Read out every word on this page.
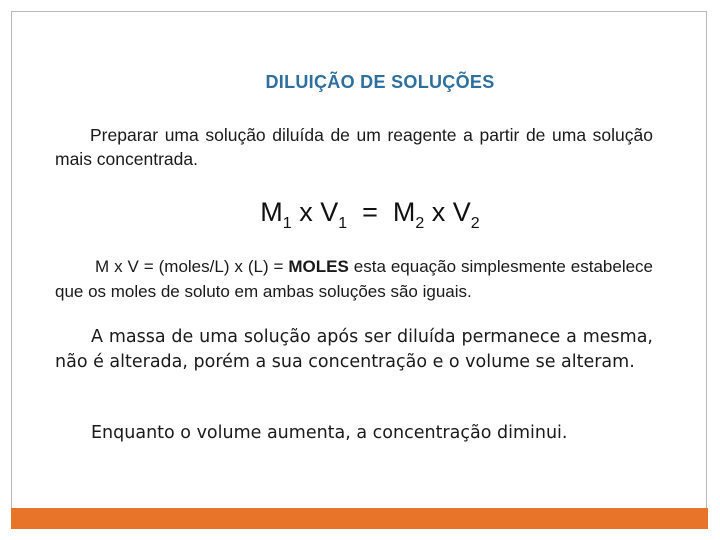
DILUIÇÃO DE SOLUÇÕES

Preparar uma solução diluída de um reagente a partir de uma solução mais concentrada.

$M_1$ x $V_1 = M_2$ x $V_2$

M x V = (moles/L) x (L) = MOLES esta equação simplesmente estabelece que os moles de soluto em ambas soluções são iguais.

A massa de uma solução após ser diluída permanece a mesma, não é alterada, porém a sua concentração e o volume se alteram.

Enquanto o volume aumenta, a concentração diminui.
